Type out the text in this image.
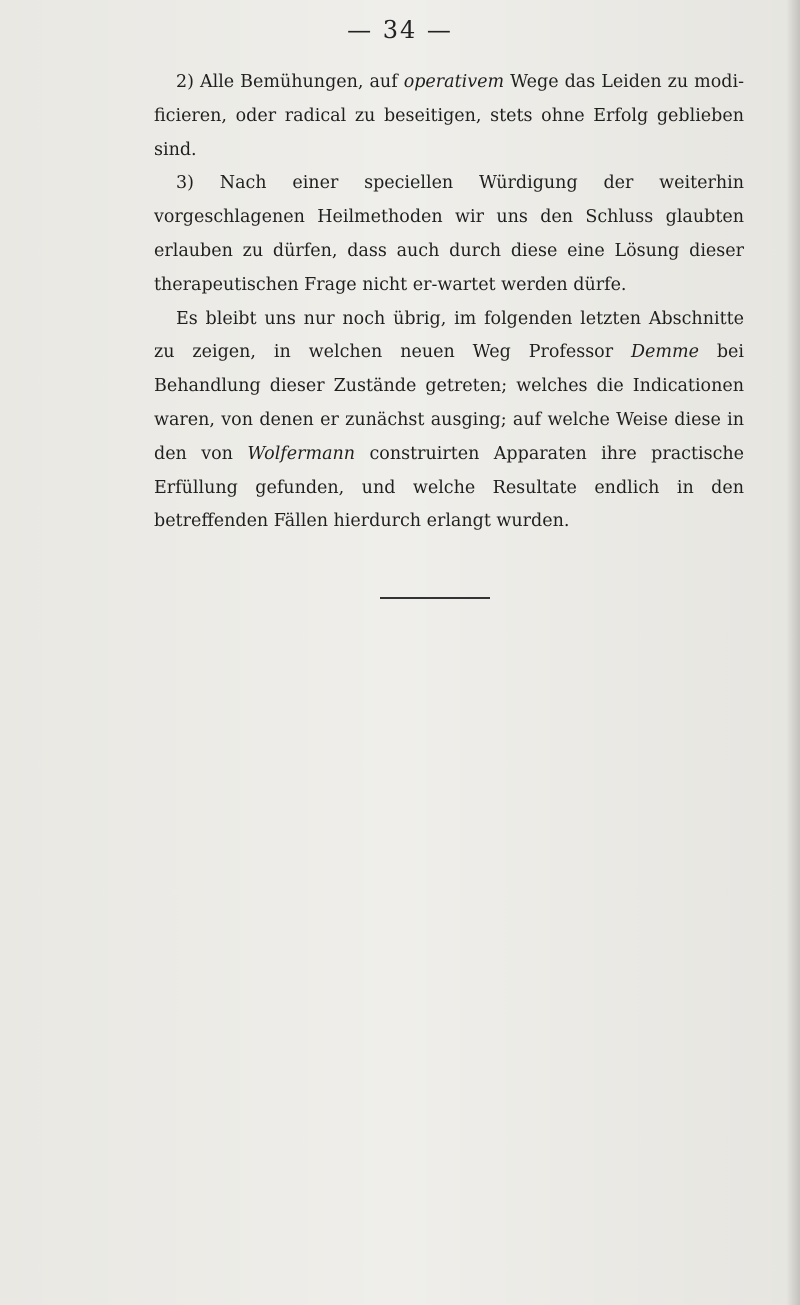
— 34 —

2) Alle Bemühungen, auf operativem Wege das Leiden zu modi-ficieren, oder radical zu beseitigen, stets ohne Erfolg geblieben sind.

3) Nach einer speciellen Würdigung der weiterhin vorgeschlagenen Heilmethoden wir uns den Schluss glaubten erlauben zu dürfen, dass auch durch diese eine Lösung dieser therapeutischen Frage nicht er-wartet werden dürfe.

Es bleibt uns nur noch übrig, im folgenden letzten Abschnitte zu zeigen, in welchen neuen Weg Professor Demme bei Behandlung dieser Zustände getreten; welches die Indicationen waren, von denen er zunächst ausging; auf welche Weise diese in den von Wolfermann construirten Apparaten ihre practische Erfüllung gefunden, und welche Resultate endlich in den betreffenden Fällen hierdurch erlangt wurden.
